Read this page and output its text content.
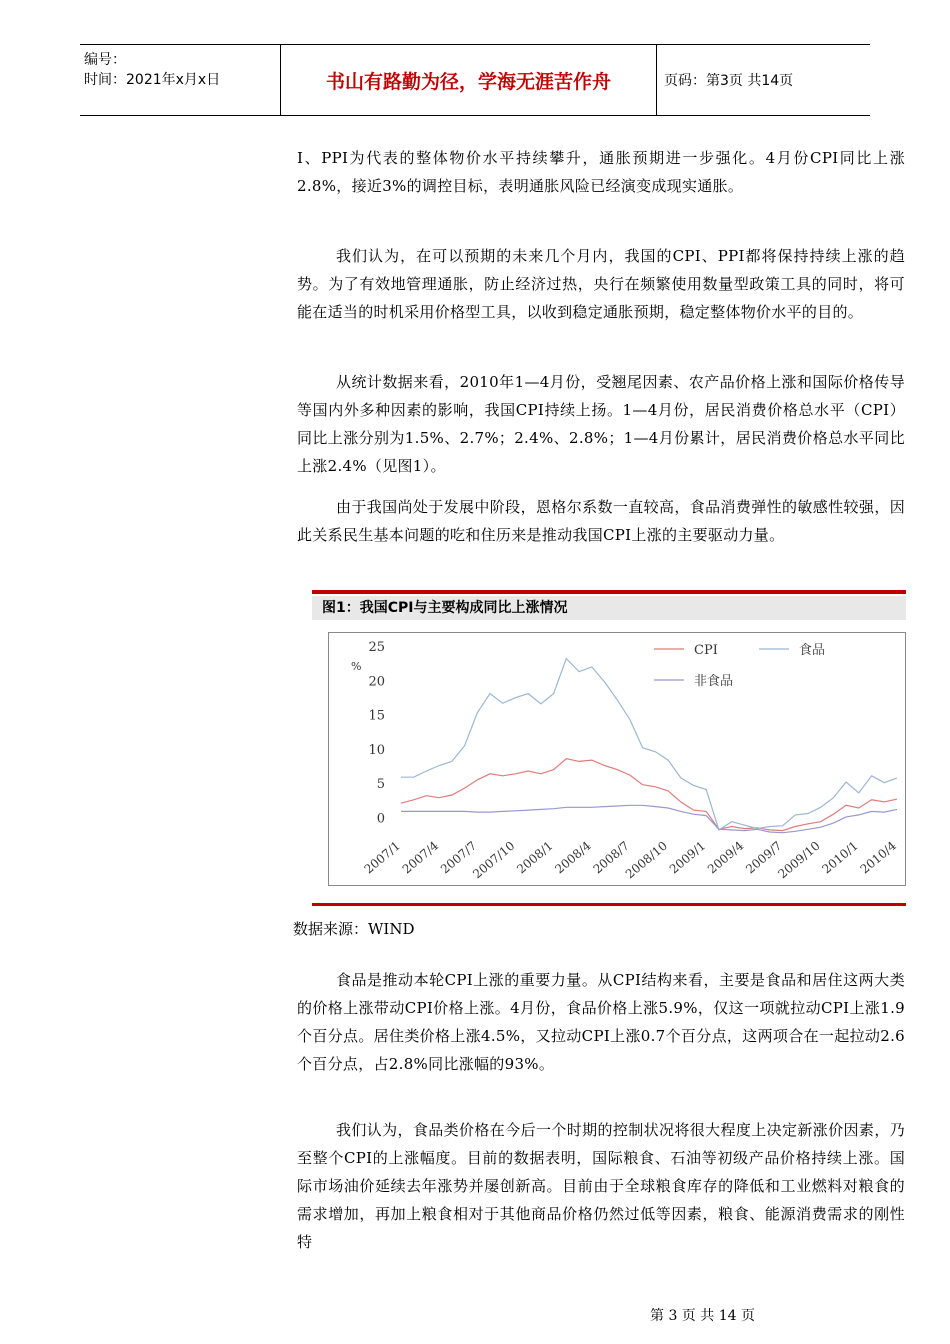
编号：
时间：2021年x月x日	书山有路勤为径，学海无涯苦作舟	页码：第3页 共14页

I、PPI为代表的整体物价水平持续攀升，通胀预期进一步强化。4月份CPI同比上涨2.8%，接近3%的调控目标，表明通胀风险已经演变成现实通胀。

我们认为，在可以预期的未来几个月内，我国的CPI、PPI都将保持持续上涨的趋势。为了有效地管理通胀，防止经济过热，央行在频繁使用数量型政策工具的同时，将可能在适当的时机采用价格型工具，以收到稳定通胀预期，稳定整体物价水平的目的。

从统计数据来看，2010年1—4月份，受翘尾因素、农产品价格上涨和国际价格传导等国内外多种因素的影响，我国CPI持续上扬。1—4月份，居民消费价格总水平（CPI）同比上涨分别为1.5%、2.7%；2.4%、2.8%；1—4月份累计，居民消费价格总水平同比上涨2.4%（见图1）。

由于我国尚处于发展中阶段，恩格尔系数一直较高，食品消费弹性的敏感性较强，因此关系民生基本问题的吃和住历来是推动我国CPI上涨的主要驱动力量。

图1：我国CPI与主要构成同比上涨情况
0
5
10
15
20
25
%
2007/1
2007/4
2007/7
2007/10
2008/1
2008/4
2008/7
2008/10
2009/1
2009/4
2009/7
2009/10
2010/1
2010/4
CPI	食品
非食品
数据来源：WIND

食品是推动本轮CPI上涨的重要力量。从CPI结构来看，主要是食品和居住这两大类的价格上涨带动CPI价格上涨。4月份，食品价格上涨5.9%，仅这一项就拉动CPI上涨1.9个百分点。居住类价格上涨4.5%，又拉动CPI上涨0.7个百分点，这两项合在一起拉动2.6个百分点，占2.8%同比涨幅的93%。

我们认为，食品类价格在今后一个时期的控制状况将很大程度上决定新涨价因素，乃至整个CPI的上涨幅度。目前的数据表明，国际粮食、石油等初级产品价格持续上涨。国际市场油价延续去年涨势并屡创新高。目前由于全球粮食库存的降低和工业燃料对粮食的需求增加，再加上粮食相对于其他商品价格仍然过低等因素，粮食、能源消费需求的刚性特

第 3 页 共 14 页
